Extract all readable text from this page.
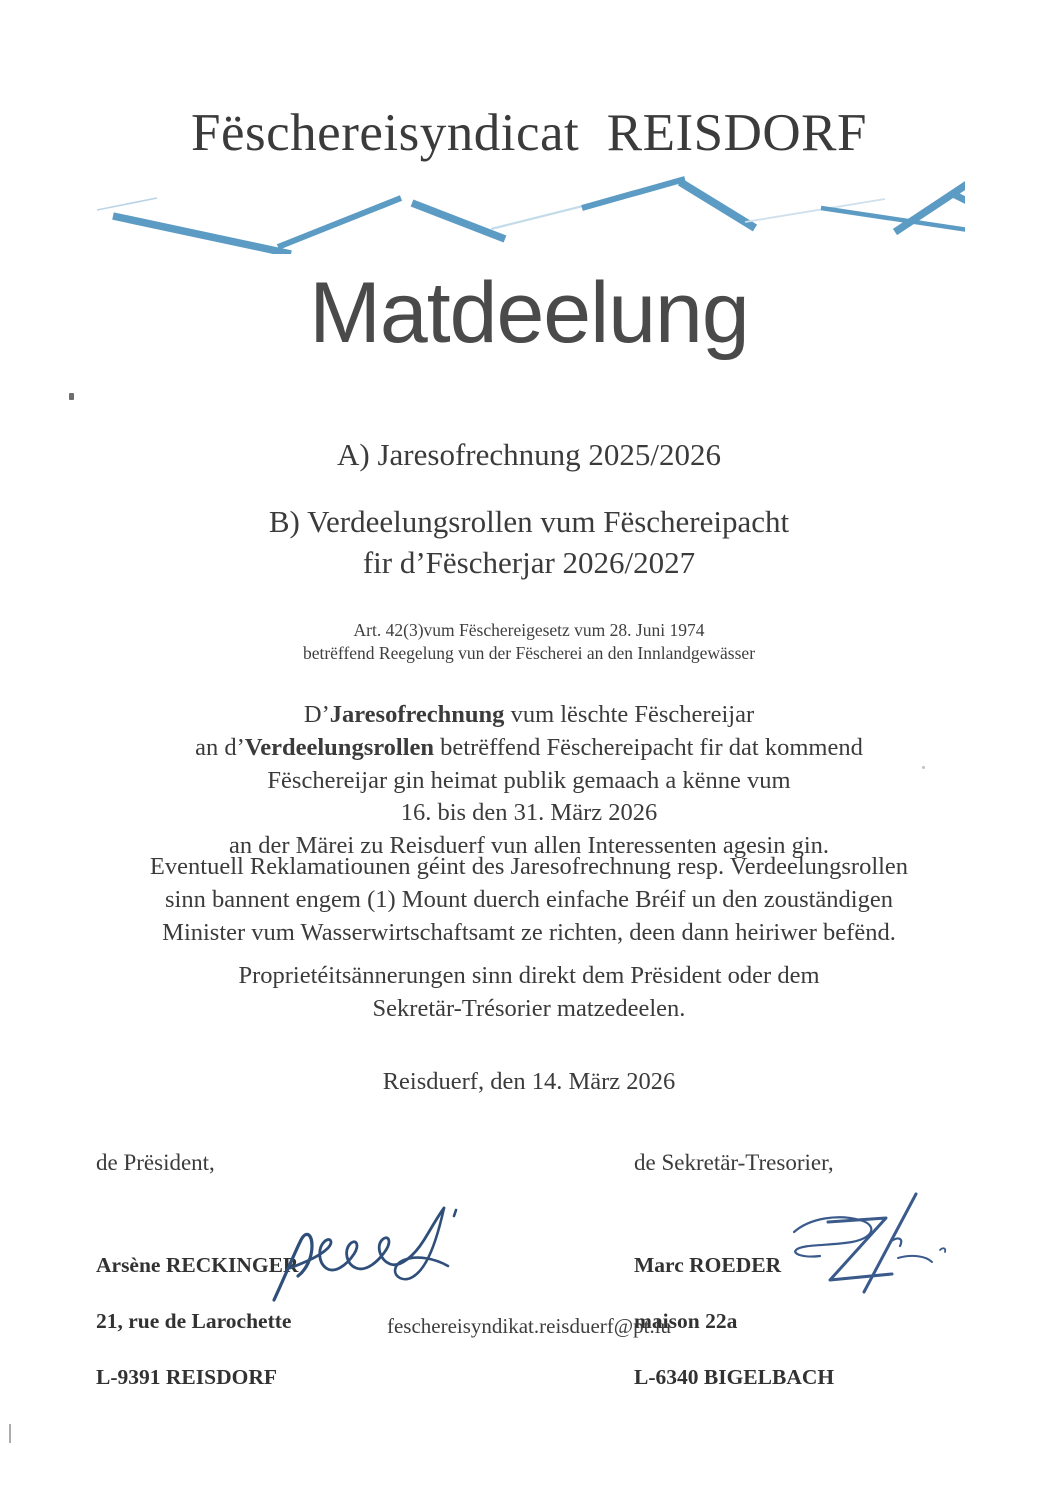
Fëschereisyndicat  REISDORF
Matdeelung
A) Jaresofrechnung 2025/2026
B) Verdeelungsrollen vum Fëschereipacht
fir d’Fëscherjar 2026/2027
Art. 42(3)vum Fëschereigesetz vum 28. Juni 1974
betrëffend Reegelung vun der Fëscherei an den Innlandgewässer
D’Jaresofrechnung vum lëschte Fëschereijar
an d’Verdeelungsrollen betrëffend Fëschereipacht fir dat kommend
Fëschereijar gin heimat publik gemaach a kënne vum
16. bis den 31. März 2026
an der Märei zu Reisduerf vun allen Interessenten agesin gin.
Eventuell Reklamatiounen géint des Jaresofrechnung resp. Verdeelungsrollen
sinn bannent engem (1) Mount duerch einfache Bréif un den zouständigen
Minister vum Wasserwirtschaftsamt ze richten, deen dann heiriwer befënd.
Proprietéitsännerungen sinn direkt dem Prësident oder dem
Sekretär-Trésorier matzedeelen.
Reisduerf, den 14. März 2026
de Prësident,	de Sekretär-Tresorier,

Arsène RECKINGER

21, rue de Larochette

L-9391 REISDORF

Marc ROEDER

maison 22a

L-6340 BIGELBACH

feschereisyndikat.reisduerf@pt.lu
